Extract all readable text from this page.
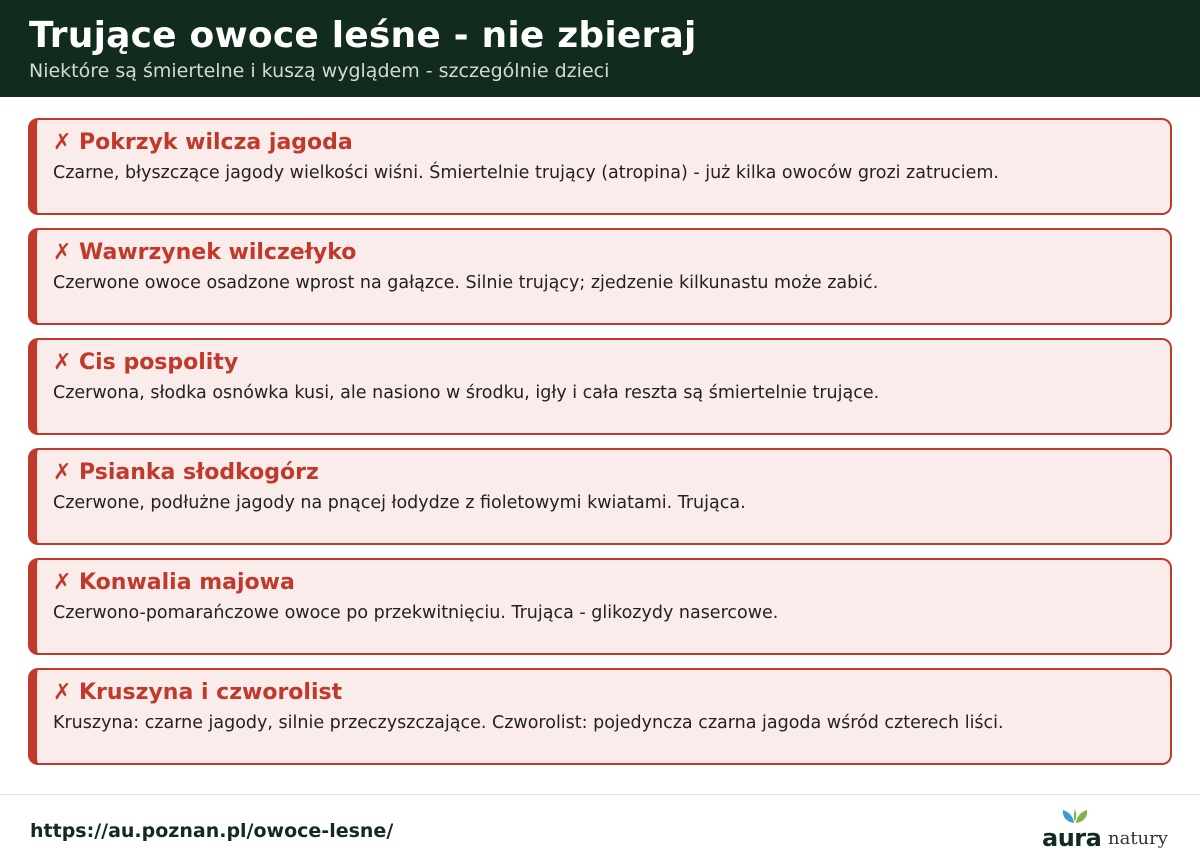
Trujące owoce leśne - nie zbieraj
Niektóre są śmiertelne i kuszą wyglądem - szczególnie dzieci
✗ Pokrzyk wilcza jagoda
Czarne, błyszczące jagody wielkości wiśni. Śmiertelnie trujący (atropina) - już kilka owoców grozi zatruciem.
✗ Wawrzynek wilczełyko
Czerwone owoce osadzone wprost na gałązce. Silnie trujący; zjedzenie kilkunastu może zabić.
✗ Cis pospolity
Czerwona, słodka osnówka kusi, ale nasiono w środku, igły i cała reszta są śmiertelnie trujące.
✗ Psianka słodkogórz
Czerwone, podłużne jagody na pnącej łodydze z fioletowymi kwiatami. Trująca.
✗ Konwalia majowa
Czerwono-pomarańczowe owoce po przekwitnięciu. Trująca - glikozydy nasercowe.
✗ Kruszyna i czworolist
Kruszyna: czarne jagody, silnie przeczyszczające. Czworolist: pojedyncza czarna jagoda wśród czterech liści.
https://au.poznan.pl/owoce-lesne/	aura natury
